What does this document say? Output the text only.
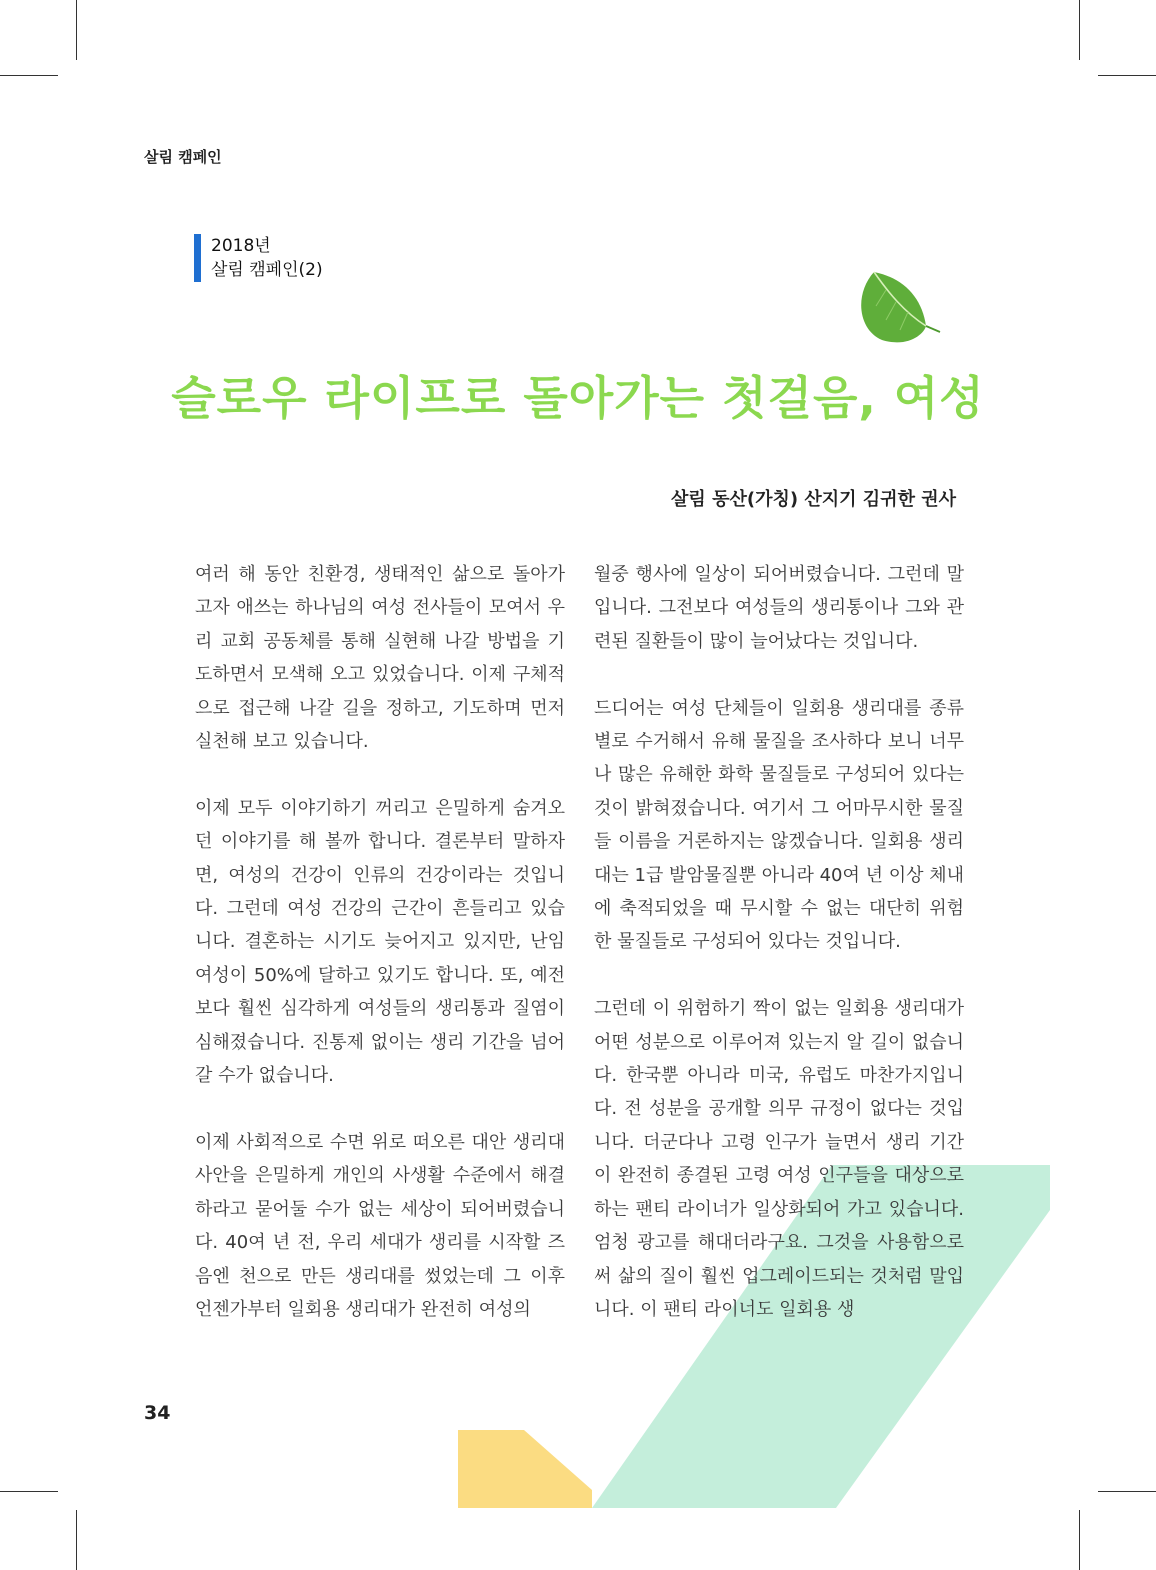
살림 캠페인
2018년
살림 캠페인(2)
슬로우 라이프로 돌아가는 첫걸음, 여성
살림 동산(가칭) 산지기 김귀한 권사

여러 해 동안 친환경, 생태적인 삶으로 돌아가고자 애쓰는 하나님의 여성 전사들이 모여서 우리 교회 공동체를 통해 실현해 나갈 방법을 기도하면서 모색해 오고 있었습니다. 이제 구체적으로 접근해 나갈 길을 정하고, 기도하며 먼저 실천해 보고 있습니다.

이제 모두 이야기하기 꺼리고 은밀하게 숨겨오던 이야기를 해 볼까 합니다. 결론부터 말하자면, 여성의 건강이 인류의 건강이라는 것입니다. 그런데 여성 건강의 근간이 흔들리고 있습니다. 결혼하는 시기도 늦어지고 있지만, 난임여성이 50%에 달하고 있기도 합니다. 또, 예전보다 훨씬 심각하게 여성들의 생리통과 질염이 심해졌습니다. 진통제 없이는 생리 기간을 넘어갈 수가 없습니다.

이제 사회적으로 수면 위로 떠오른 대안 생리대 사안을 은밀하게 개인의 사생활 수준에서 해결하라고 묻어둘 수가 없는 세상이 되어버렸습니다. 40여 년 전, 우리 세대가 생리를 시작할 즈음엔 천으로 만든 생리대를 썼었는데 그 이후 언젠가부터 일회용 생리대가 완전히 여성의

월중 행사에 일상이 되어버렸습니다. 그런데 말입니다. 그전보다 여성들의 생리통이나 그와 관련된 질환들이 많이 늘어났다는 것입니다.

드디어는 여성 단체들이 일회용 생리대를 종류별로 수거해서 유해 물질을 조사하다 보니 너무나 많은 유해한 화학 물질들로 구성되어 있다는 것이 밝혀졌습니다. 여기서 그 어마무시한 물질들 이름을 거론하지는 않겠습니다. 일회용 생리대는 1급 발암물질뿐 아니라 40여 년 이상 체내에 축적되었을 때 무시할 수 없는 대단히 위험한 물질들로 구성되어 있다는 것입니다.

그런데 이 위험하기 짝이 없는 일회용 생리대가 어떤 성분으로 이루어져 있는지 알 길이 없습니다. 한국뿐 아니라 미국, 유럽도 마찬가지입니다. 전 성분을 공개할 의무 규정이 없다는 것입니다. 더군다나 고령 인구가 늘면서 생리 기간이 완전히 종결된 고령 여성 인구들을 대상으로 하는 팬티 라이너가 일상화되어 가고 있습니다. 엄청 광고를 해대더라구요. 그것을 사용함으로써 삶의 질이 훨씬 업그레이드되는 것처럼 말입니다. 이 팬티 라이너도 일회용 생

34
